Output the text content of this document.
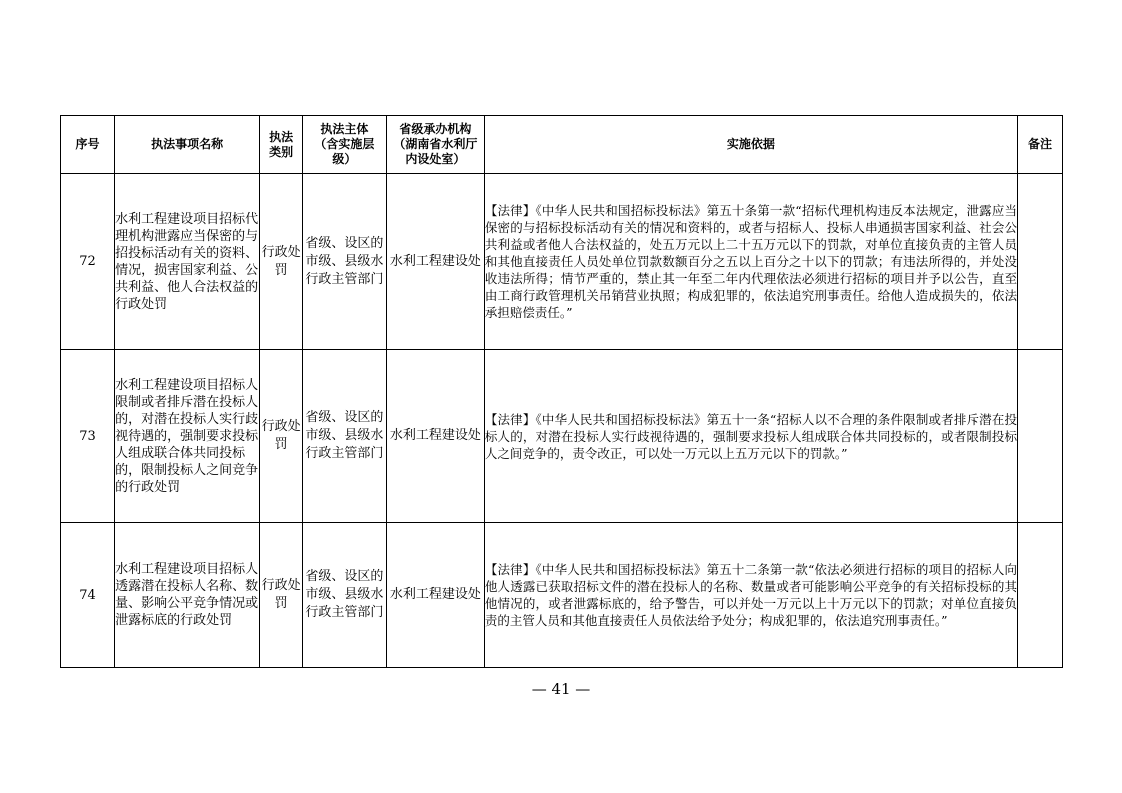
序号	执法事项名称	执法类别	执法主体（含实施层级）	省级承办机构（湖南省水利厅内设处室）	实施依据	备注
72	水利工程建设项目招标代理机构泄露应当保密的与招投标活动有关的资料、情况，损害国家利益、公共利益、他人合法权益的行政处罚	行政处罚	省级、设区的市级、县级水行政主管部门	水利工程建设处	【法律】《中华人民共和国招标投标法》第五十条第一款“招标代理机构违反本法规定，泄露应当保密的与招标投标活动有关的情况和资料的，或者与招标人、投标人串通损害国家利益、社会公共利益或者他人合法权益的，处五万元以上二十五万元以下的罚款，对单位直接负责的主管人员和其他直接责任人员处单位罚款数额百分之五以上百分之十以下的罚款；有违法所得的，并处没收违法所得；情节严重的，禁止其一年至二年内代理依法必须进行招标的项目并予以公告，直至由工商行政管理机关吊销营业执照；构成犯罪的，依法追究刑事责任。给他人造成损失的，依法承担赔偿责任。”	
73	水利工程建设项目招标人限制或者排斥潜在投标人的，对潜在投标人实行歧视待遇的，强制要求投标人组成联合体共同投标的，限制投标人之间竞争的行政处罚	行政处罚	省级、设区的市级、县级水行政主管部门	水利工程建设处	【法律】《中华人民共和国招标投标法》第五十一条“招标人以不合理的条件限制或者排斥潜在投标人的，对潜在投标人实行歧视待遇的，强制要求投标人组成联合体共同投标的，或者限制投标人之间竞争的，责令改正，可以处一万元以上五万元以下的罚款。”	
74	水利工程建设项目招标人透露潜在投标人名称、数量、影响公平竞争情况或泄露标底的行政处罚	行政处罚	省级、设区的市级、县级水行政主管部门	水利工程建设处	【法律】《中华人民共和国招标投标法》第五十二条第一款“依法必须进行招标的项目的招标人向他人透露已获取招标文件的潜在投标人的名称、数量或者可能影响公平竞争的有关招标投标的其他情况的，或者泄露标底的，给予警告，可以并处一万元以上十万元以下的罚款；对单位直接负责的主管人员和其他直接责任人员依法给予处分；构成犯罪的，依法追究刑事责任。”	
— 41 —
